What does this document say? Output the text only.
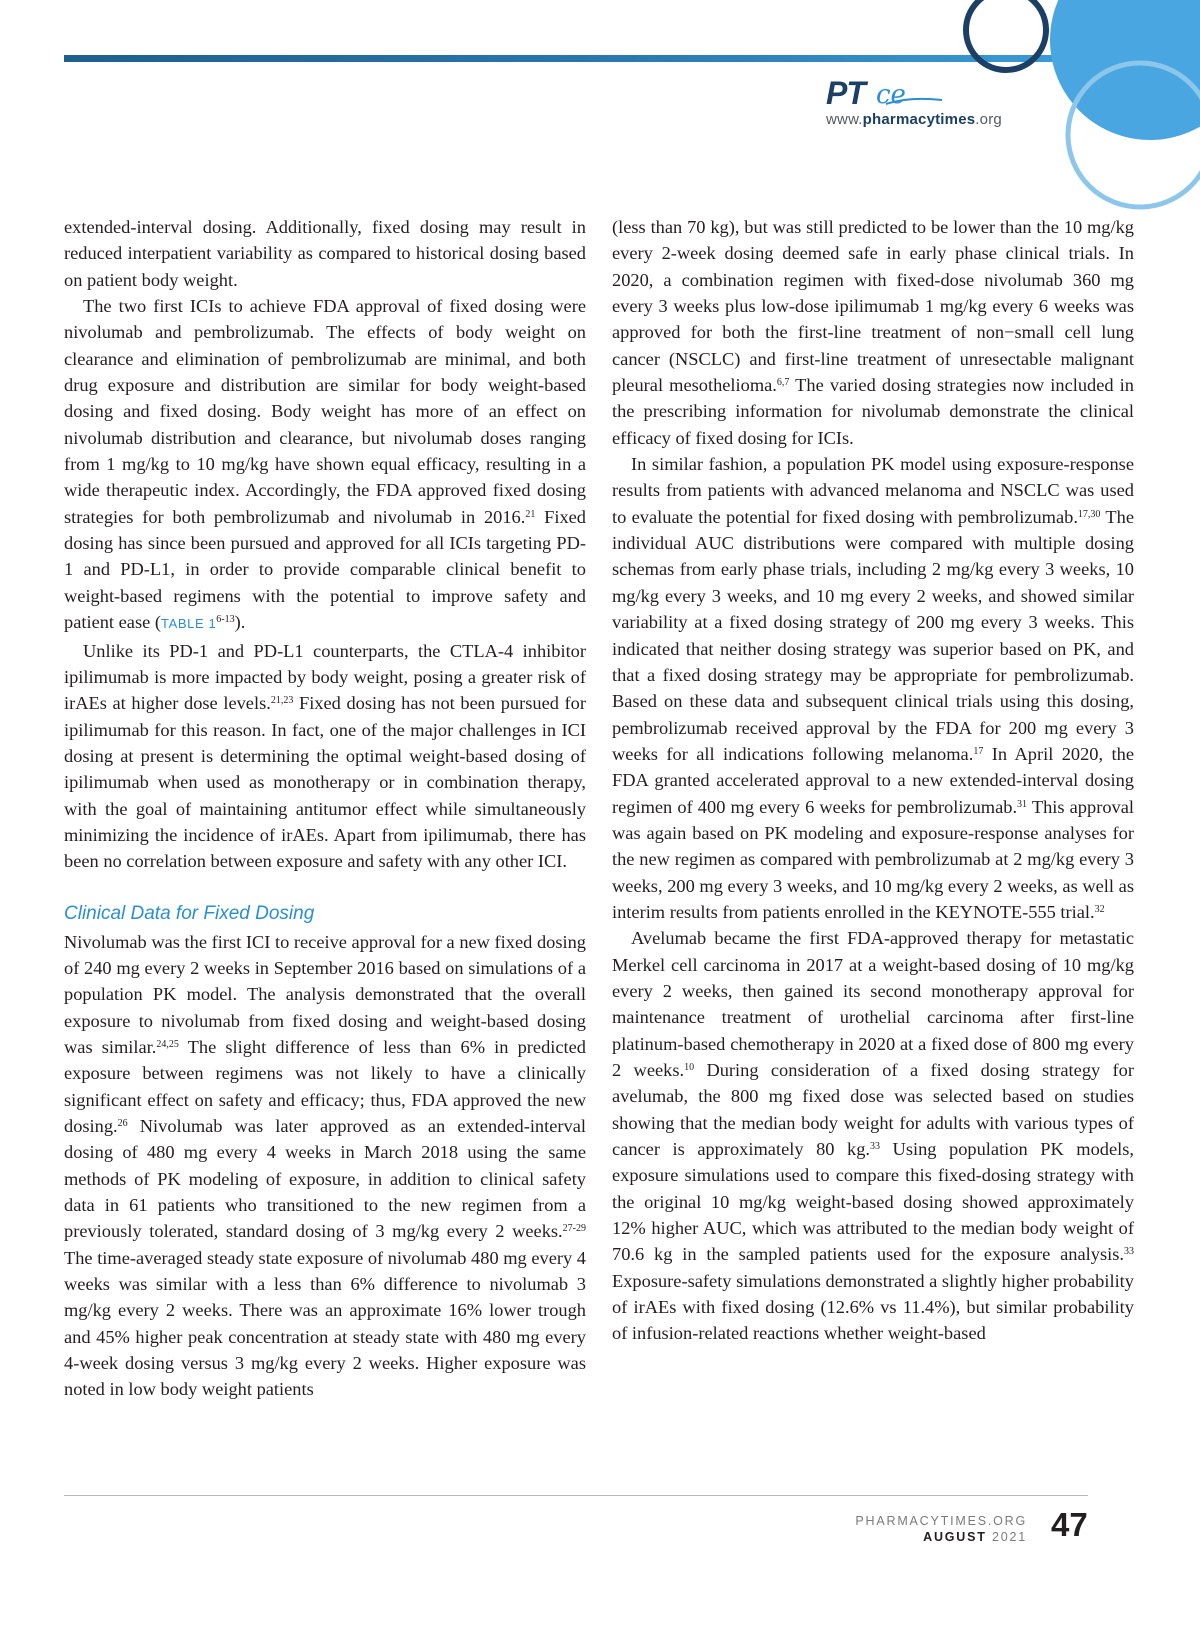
PT ce
www.pharmacytimes.org

extended-interval dosing. Additionally, fixed dosing may result in reduced interpatient variability as compared to historical dosing based on patient body weight.

The two first ICIs to achieve FDA approval of fixed dosing were nivolumab and pembrolizumab. The effects of body weight on clearance and elimination of pembrolizumab are minimal, and both drug exposure and distribution are similar for body weight-based dosing and fixed dosing. Body weight has more of an effect on nivolumab distribution and clearance, but nivolumab doses ranging from 1 mg/kg to 10 mg/kg have shown equal efficacy, resulting in a wide therapeutic index. Accordingly, the FDA approved fixed dosing strategies for both pembrolizumab and nivolumab in 2016.21 Fixed dosing has since been pursued and approved for all ICIs targeting PD-1 and PD-L1, in order to provide comparable clinical benefit to weight-based regimens with the potential to improve safety and patient ease (TABLE 1$^{6-13}$).

Unlike its PD-1 and PD-L1 counterparts, the CTLA-4 inhibitor ipilimumab is more impacted by body weight, posing a greater risk of irAEs at higher dose levels.$^{21,23}$ Fixed dosing has not been pursued for ipilimumab for this reason. In fact, one of the major challenges in ICI dosing at present is determining the optimal weight-based dosing of ipilimumab when used as monotherapy or in combination therapy, with the goal of maintaining antitumor effect while simultaneously minimizing the incidence of irAEs. Apart from ipilimumab, there has been no correlation between exposure and safety with any other ICI.

Clinical Data for Fixed Dosing

Nivolumab was the first ICI to receive approval for a new fixed dosing of 240 mg every 2 weeks in September 2016 based on simulations of a population PK model. The analysis demonstrated that the overall exposure to nivolumab from fixed dosing and weight-based dosing was similar.$^{24,25}$ The slight difference of less than 6% in predicted exposure between regimens was not likely to have a clinically significant effect on safety and efficacy; thus, FDA approved the new dosing.$^{26}$ Nivolumab was later approved as an extended-interval dosing of 480 mg every 4 weeks in March 2018 using the same methods of PK modeling of exposure, in addition to clinical safety data in 61 patients who transitioned to the new regimen from a previously tolerated, standard dosing of 3 mg/kg every 2 weeks.$^{27-29}$ The time-averaged steady state exposure of nivolumab 480 mg every 4 weeks was similar with a less than 6% difference to nivolumab 3 mg/kg every 2 weeks. There was an approximate 16% lower trough and 45% higher peak concentration at steady state with 480 mg every 4-week dosing versus 3 mg/kg every 2 weeks. Higher exposure was noted in low body weight patients

(less than 70 kg), but was still predicted to be lower than the 10 mg/kg every 2-week dosing deemed safe in early phase clinical trials. In 2020, a combination regimen with fixed-dose nivolumab 360 mg every 3 weeks plus low-dose ipilimumab 1 mg/kg every 6 weeks was approved for both the first-line treatment of non−small cell lung cancer (NSCLC) and first-line treatment of unresectable malignant pleural mesothelioma.$^{6,7}$ The varied dosing strategies now included in the prescribing information for nivolumab demonstrate the clinical efficacy of fixed dosing for ICIs.

In similar fashion, a population PK model using exposure-response results from patients with advanced melanoma and NSCLC was used to evaluate the potential for fixed dosing with pembrolizumab.$^{17,30}$ The individual AUC distributions were compared with multiple dosing schemas from early phase trials, including 2 mg/kg every 3 weeks, 10 mg/kg every 3 weeks, and 10 mg every 2 weeks, and showed similar variability at a fixed dosing strategy of 200 mg every 3 weeks. This indicated that neither dosing strategy was superior based on PK, and that a fixed dosing strategy may be appropriate for pembrolizumab. Based on these data and subsequent clinical trials using this dosing, pembrolizumab received approval by the FDA for 200 mg every 3 weeks for all indications following melanoma.$^{17}$ In April 2020, the FDA granted accelerated approval to a new extended-interval dosing regimen of 400 mg every 6 weeks for pembrolizumab.$^{31}$ This approval was again based on PK modeling and exposure-response analyses for the new regimen as compared with pembrolizumab at 2 mg/kg every 3 weeks, 200 mg every 3 weeks, and 10 mg/kg every 2 weeks, as well as interim results from patients enrolled in the KEYNOTE-555 trial.$^{32}$

Avelumab became the first FDA-approved therapy for metastatic Merkel cell carcinoma in 2017 at a weight-based dosing of 10 mg/kg every 2 weeks, then gained its second monotherapy approval for maintenance treatment of urothelial carcinoma after first-line platinum-based chemotherapy in 2020 at a fixed dose of 800 mg every 2 weeks.$^{10}$ During consideration of a fixed dosing strategy for avelumab, the 800 mg fixed dose was selected based on studies showing that the median body weight for adults with various types of cancer is approximately 80 kg.$^{33}$ Using population PK models, exposure simulations used to compare this fixed-dosing strategy with the original 10 mg/kg weight-based dosing showed approximately 12% higher AUC, which was attributed to the median body weight of 70.6 kg in the sampled patients used for the exposure analysis.$^{33}$ Exposure-safety simulations demonstrated a slightly higher probability of irAEs with fixed dosing (12.6% vs 11.4%), but similar probability of infusion-related reactions whether weight-based

PHARMACYTIMES.ORG
AUGUST 2021 47
